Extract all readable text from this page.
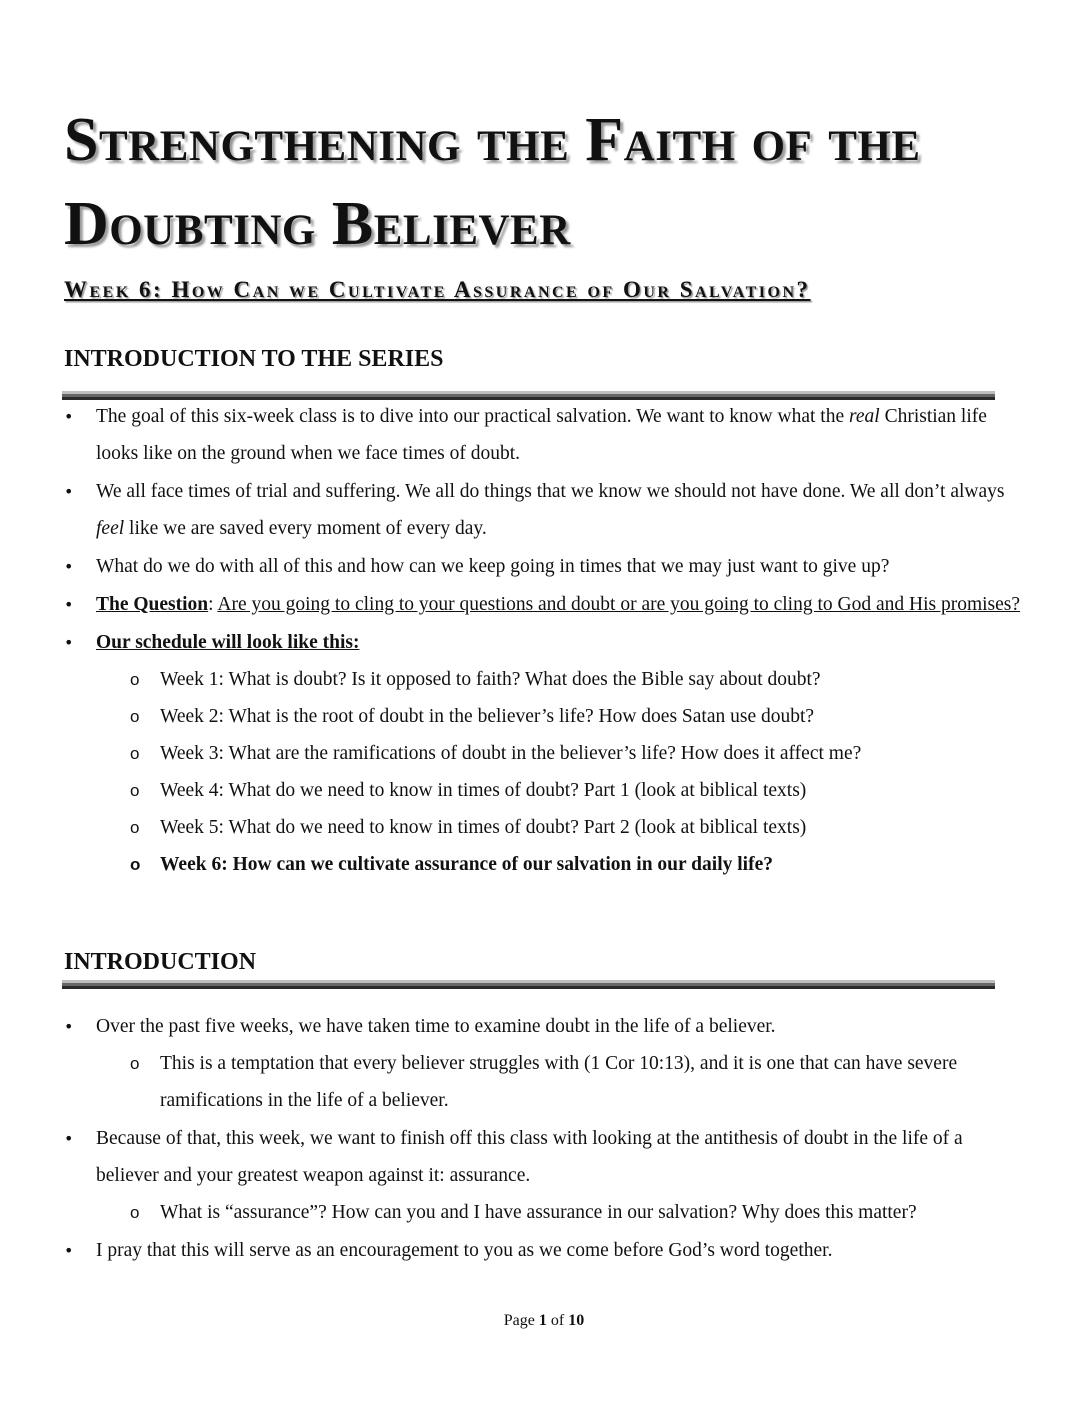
Strengthening the Faith of the Doubting Believer
Week 6: How Can we Cultivate Assurance of Our Salvation?
INTRODUCTION TO THE SERIES
• The goal of this six-week class is to dive into our practical salvation. We want to know what the real Christian life looks like on the ground when we face times of doubt.
• We all face times of trial and suffering. We all do things that we know we should not have done. We all don’t always feel like we are saved every moment of every day.
• What do we do with all of this and how can we keep going in times that we may just want to give up?
• The Question: Are you going to cling to your questions and doubt or are you going to cling to God and His promises?
• Our schedule will look like this:
o Week 1: What is doubt? Is it opposed to faith? What does the Bible say about doubt?
o Week 2: What is the root of doubt in the believer’s life? How does Satan use doubt?
o Week 3: What are the ramifications of doubt in the believer’s life? How does it affect me?
o Week 4: What do we need to know in times of doubt? Part 1 (look at biblical texts)
o Week 5: What do we need to know in times of doubt? Part 2 (look at biblical texts)
o Week 6: How can we cultivate assurance of our salvation in our daily life?
INTRODUCTION
• Over the past five weeks, we have taken time to examine doubt in the life of a believer.
o This is a temptation that every believer struggles with (1 Cor 10:13), and it is one that can have severe ramifications in the life of a believer.
• Because of that, this week, we want to finish off this class with looking at the antithesis of doubt in the life of a believer and your greatest weapon against it: assurance.
o What is “assurance”? How can you and I have assurance in our salvation? Why does this matter?
• I pray that this will serve as an encouragement to you as we come before God’s word together.
Page 1 of 10
